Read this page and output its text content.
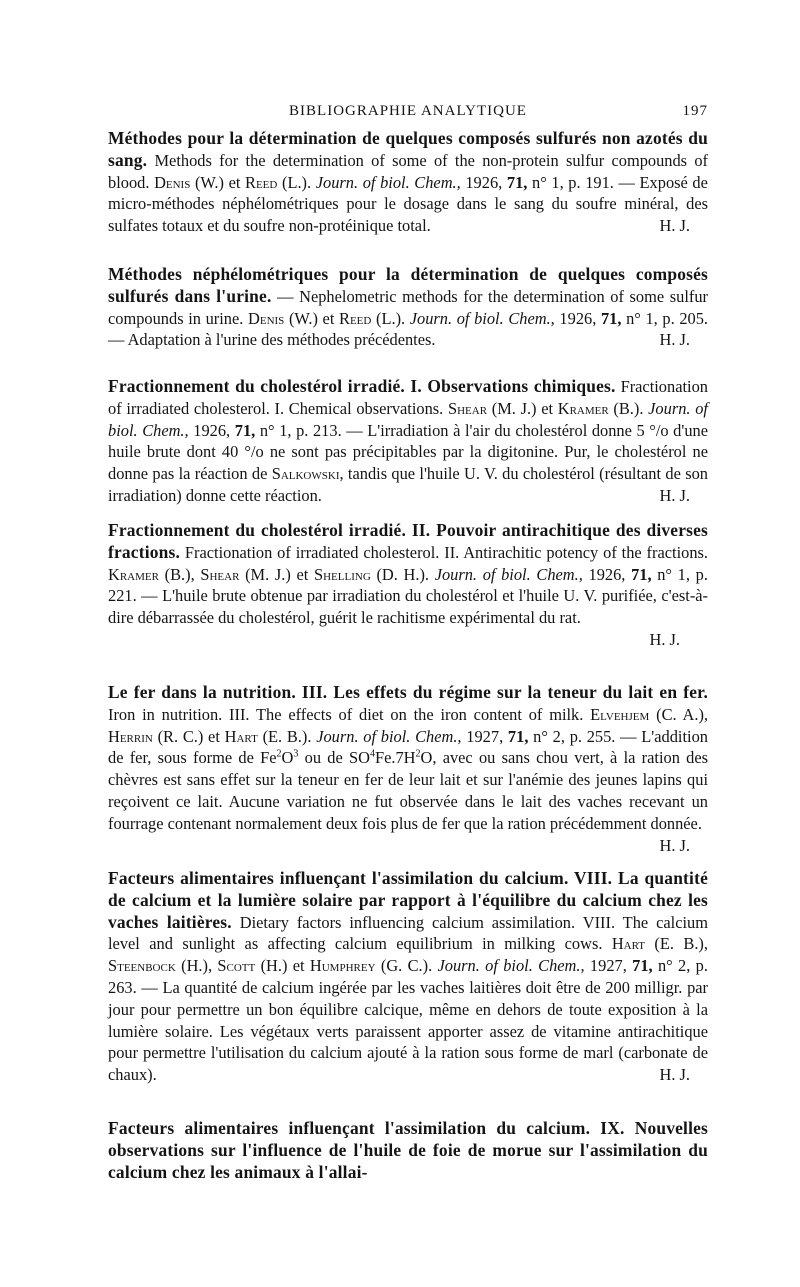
BIBLIOGRAPHIE ANALYTIQUE	197

Méthodes pour la détermination de quelques composés sulfurés non azotés du sang. Methods for the determination of some of the non-protein sulfur compounds of blood. Denis (W.) et Reed (L.). Journ. of biol. Chem., 1926, 71, n° 1, p. 191. — Exposé de micro-méthodes néphélométriques pour le dosage dans le sang du soufre minéral, des sulfates totaux et du soufre non-protéinique total.	H. J.

Méthodes néphélométriques pour la détermination de quelques composés sulfurés dans l'urine. — Nephelometric methods for the determination of some sulfur compounds in urine. Denis (W.) et Reed (L.). Journ. of biol. Chem., 1926, 71, n° 1, p. 205. — Adaptation à l'urine des méthodes précédentes.	H. J.

Fractionnement du cholestérol irradié. I. Observations chimiques. Fractionation of irradiated cholesterol. I. Chemical observations. Shear (M. J.) et Kramer (B.). Journ. of biol. Chem., 1926, 71, n° 1, p. 213. — L'irradiation à l'air du cholestérol donne 5 °/o d'une huile brute dont 40 °/o ne sont pas précipitables par la digitonine. Pur, le cholestérol ne donne pas la réaction de Salkowski, tandis que l'huile U. V. du cholestérol (résultant de son irradiation) donne cette réaction.	H. J.

Fractionnement du cholestérol irradié. II. Pouvoir antirachitique des diverses fractions. Fractionation of irradiated cholesterol. II. Antirachitic potency of the fractions. Kramer (B.), Shear (M. J.) et Shelling (D. H.). Journ. of biol. Chem., 1926, 71, n° 1, p. 221. — L'huile brute obtenue par irradiation du cholestérol et l'huile U. V. purifiée, c'est-à-dire débarrassée du cholestérol, guérit le rachitisme expérimental du rat.

H. J.

Le fer dans la nutrition. III. Les effets du régime sur la teneur du lait en fer. Iron in nutrition. III. The effects of diet on the iron content of milk. Elvehjem (C. A.), Herrin (R. C.) et Hart (E. B.). Journ. of biol. Chem., 1927, 71, n° 2, p. 255. — L'addition de fer, sous forme de $Fe^2O^3$ ou de $SO^4Fe.7H^2O$, avec ou sans chou vert, à la ration des chèvres est sans effet sur la teneur en fer de leur lait et sur l'anémie des jeunes lapins qui reçoivent ce lait. Aucune variation ne fut observée dans le lait des vaches recevant un fourrage contenant normalement deux fois plus de fer que la ration précédemment donnée.
H. J.

Facteurs alimentaires influençant l'assimilation du calcium. VIII. La quantité de calcium et la lumière solaire par rapport à l'équilibre du calcium chez les vaches laitières. Dietary factors influencing calcium assimilation. VIII. The calcium level and sunlight as affecting calcium equilibrium in milking cows. Hart (E. B.), Steenbock (H.), Scott (H.) et Humphrey (G. C.). Journ. of biol. Chem., 1927, 71, n° 2, p. 263. — La quantité de calcium ingérée par les vaches laitières doit être de 200 milligr. par jour pour permettre un bon équilibre calcique, même en dehors de toute exposition à la lumière solaire. Les végétaux verts paraissent apporter assez de vitamine antirachitique pour permettre l'utilisation du calcium ajouté à la ration sous forme de marl (carbonate de chaux).	H. J.

Facteurs alimentaires influençant l'assimilation du calcium. IX. Nouvelles observations sur l'influence de l'huile de foie de morue sur l'assimilation du calcium chez les animaux à l'allai-
